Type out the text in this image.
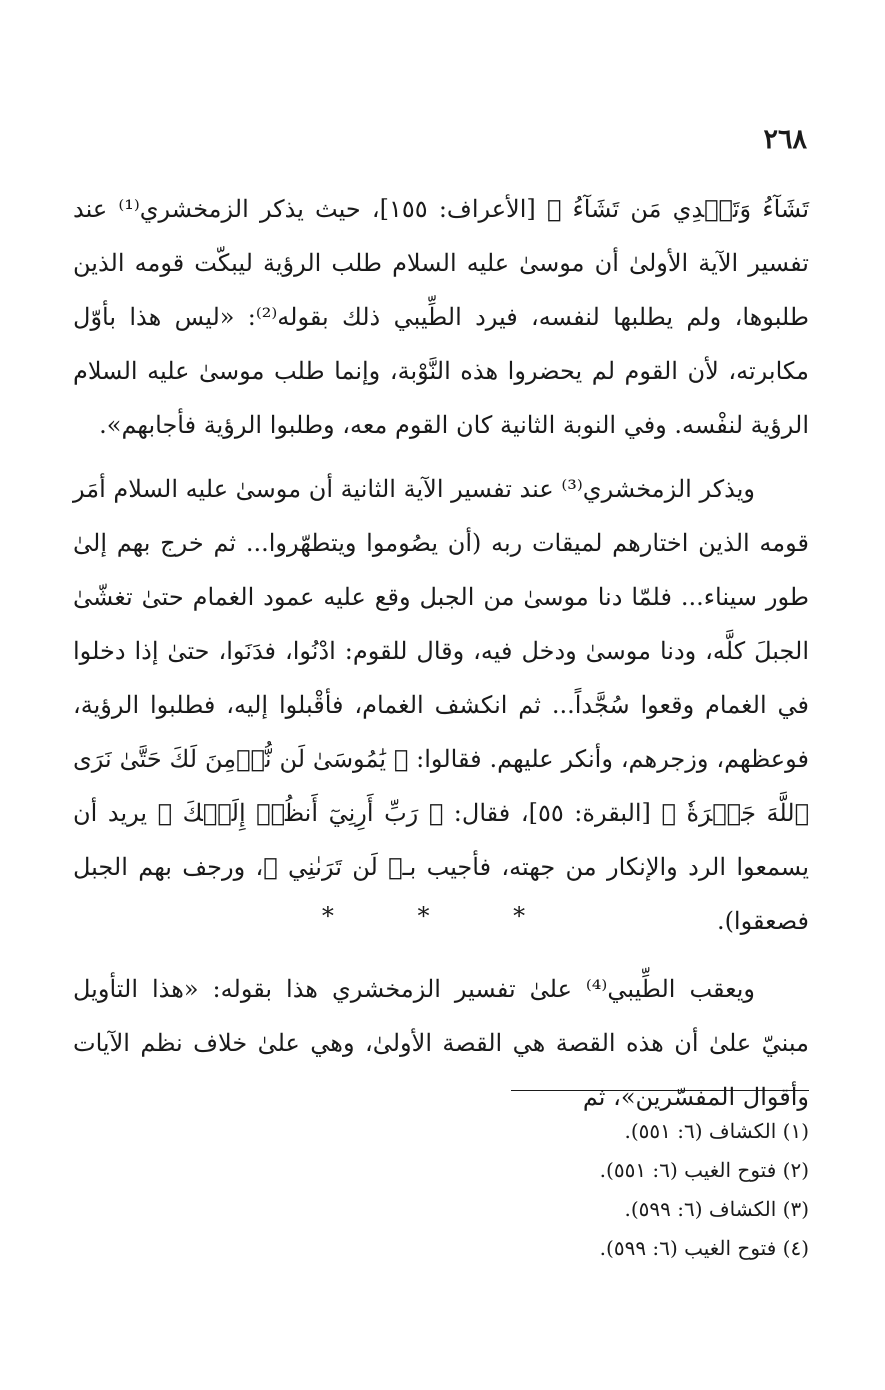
٢٦٨

تَشَآءُ وَتَهۡدِي مَن تَشَآءُ ﴾ [الأعراف: ١٥٥]، حيث يذكر الزمخشري⁽¹⁾ عند تفسير الآية الأولىٰ أن موسىٰ عليه السلام طلب الرؤية ليبكّت قومه الذين طلبوها، ولم يطلبها لنفسه، فيرد الطِّيبي ذلك بقوله⁽²⁾: «ليس هذا بأوّل مكابرته، لأن القوم لم يحضروا هذه النَّوْبة، وإنما طلب موسىٰ عليه السلام الرؤية لنفْسه. وفي النوبة الثانية كان القوم معه، وطلبوا الرؤية فأجابهم».

ويذكر الزمخشري⁽³⁾ عند تفسير الآية الثانية أن موسىٰ عليه السلام أمَر قومه الذين اختارهم لميقات ربه (أن يصُوموا ويتطهّروا... ثم خرج بهم إلىٰ طور سيناء... فلمّا دنا موسىٰ من الجبل وقع عليه عمود الغمام حتىٰ تغشّىٰ الجبلَ كلَّه، ودنا موسىٰ ودخل فيه، وقال للقوم: ادْنُوا، فدَنَوا، حتىٰ إذا دخلوا في الغمام وقعوا سُجَّداً... ثم انكشف الغمام، فأقْبلوا إليه، فطلبوا الرؤية، فوعظهم، وزجرهم، وأنكر عليهم. فقالوا: ﴿ يَٰمُوسَىٰ لَن نُّؤۡمِنَ لَكَ حَتَّىٰ نَرَى ٱللَّهَ جَهۡرَةٗ ﴾ [البقرة: ٥٥]، فقال: ﴿ رَبِّ أَرِنِيٓ أَنظُرۡ إِلَيۡكَ ﴾ يريد أن يسمعوا الرد والإنكار من جهته، فأجيب بـ﴿ لَن تَرَىٰنِي ﴾، ورجف بهم الجبل فصعقوا).

* * *

ويعقب الطِّيبي⁽⁴⁾ علىٰ تفسير الزمخشري هذا بقوله: «هذا التأويل مبنيّ علىٰ أن هذه القصة هي القصة الأولىٰ، وهي علىٰ خلاف نظم الآيات وأقوال المفسّرين»، ثم

(١) الكشاف (٦: ٥٥١).
(٢) فتوح الغيب (٦: ٥٥١).
(٣) الكشاف (٦: ٥٩٩).
(٤) فتوح الغيب (٦: ٥٩٩).
